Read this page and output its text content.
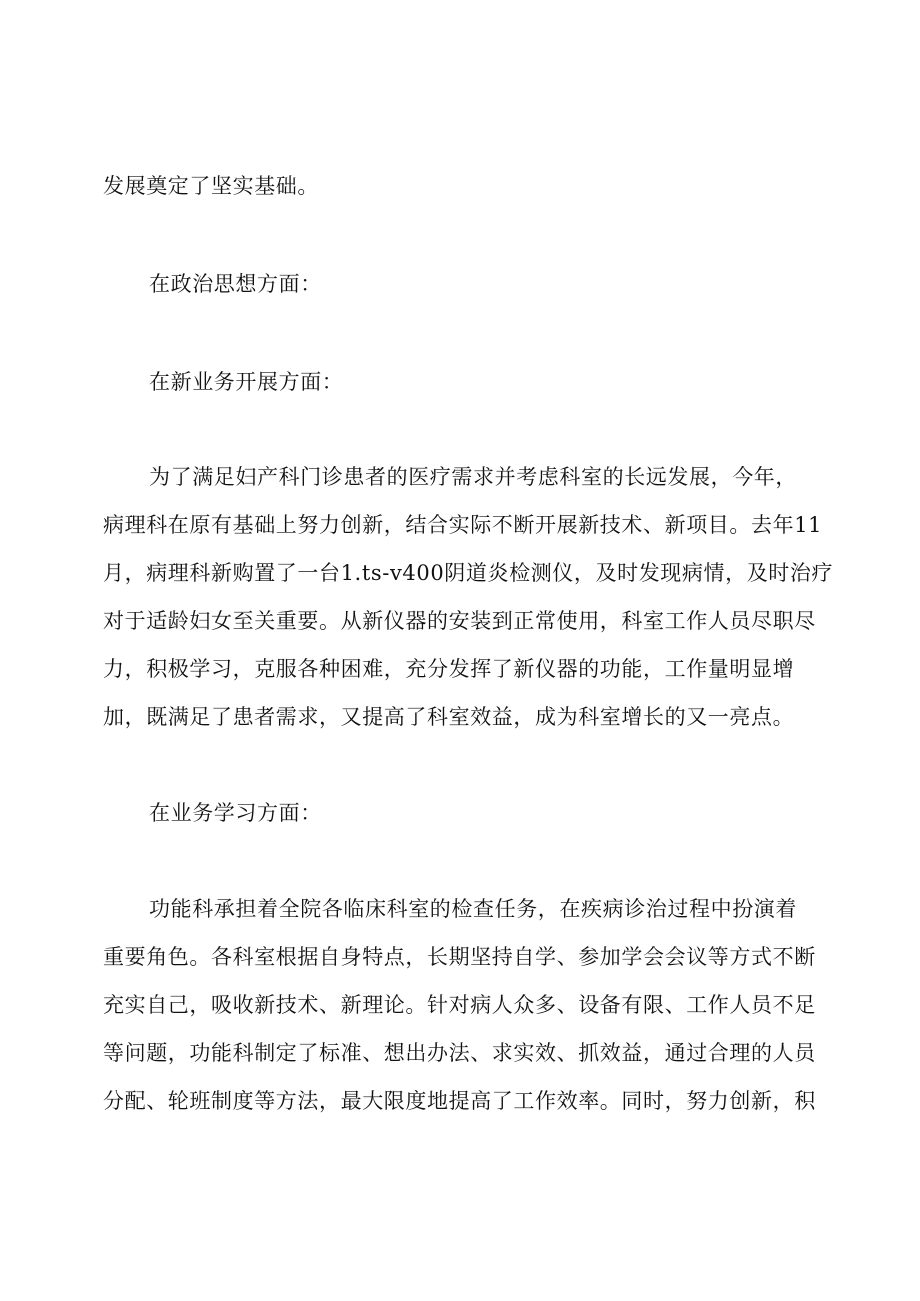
发展奠定了坚实基础。
在政治思想方面：
在新业务开展方面：
为了满足妇产科门诊患者的医疗需求并考虑科室的长远发展，今年，
病理科在原有基础上努力创新，结合实际不断开展新技术、新项目。去年11
月，病理科新购置了一台1.ts-v400阴道炎检测仪，及时发现病情，及时治疗
对于适龄妇女至关重要。从新仪器的安装到正常使用，科室工作人员尽职尽
力，积极学习，克服各种困难，充分发挥了新仪器的功能，工作量明显增
加，既满足了患者需求，又提高了科室效益，成为科室增长的又一亮点。
在业务学习方面：
功能科承担着全院各临床科室的检查任务，在疾病诊治过程中扮演着
重要角色。各科室根据自身特点，长期坚持自学、参加学会会议等方式不断
充实自己，吸收新技术、新理论。针对病人众多、设备有限、工作人员不足
等问题，功能科制定了标准、想出办法、求实效、抓效益，通过合理的人员
分配、轮班制度等方法，最大限度地提高了工作效率。同时，努力创新，积
